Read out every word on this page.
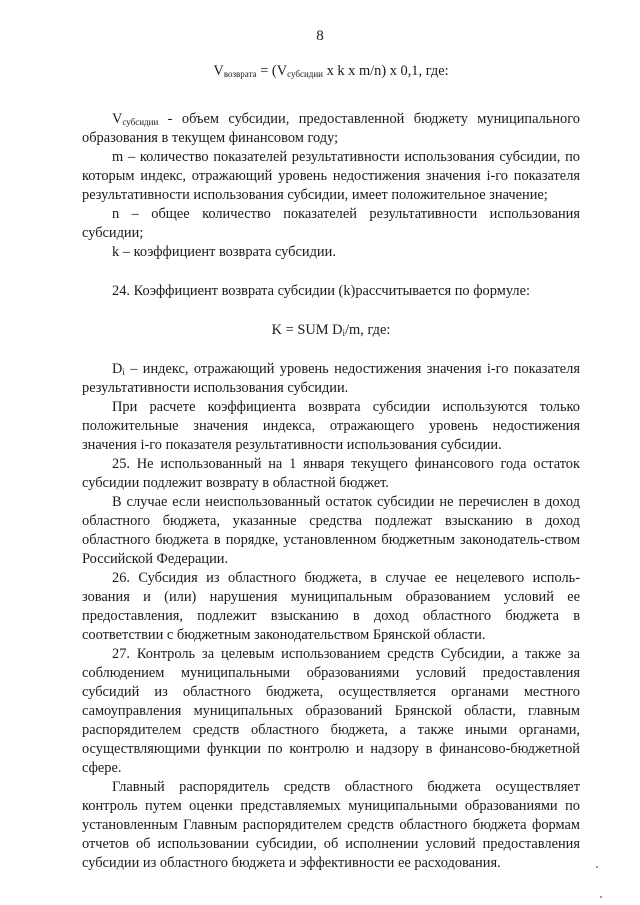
8

$V_{возврата} = (V_{субсидии}$ x k x m/n) x 0,1, где:

$V_{субсидии}$ - объем субсидии, предоставленной бюджету муниципального образования в текущем финансовом году;

m – количество показателей результативности использования субсидии, по которым индекс, отражающий уровень недостижения значения i-го показателя результативности использования субсидии, имеет положительное значение;

n – общее количество показателей результативности использования субсидии;

k – коэффициент возврата субсидии.

24. Коэффициент возврата субсидии (k)рассчитывается по формуле:

K = SUM $D_i/m$, где:

$D_i$ – индекс, отражающий уровень недостижения значения i-го показателя результативности использования субсидии.

При расчете коэффициента возврата субсидии используются только положительные значения индекса, отражающего уровень недостижения значения i-го показателя результативности использования субсидии.

25. Не использованный на 1 января текущего финансового года остаток субсидии подлежит возврату в областной бюджет.

В случае если неиспользованный остаток субсидии не перечислен в доход областного бюджета, указанные средства подлежат взысканию в доход областного бюджета в порядке, установленном бюджетным законодатель-ством Российской Федерации.

26. Субсидия из областного бюджета, в случае ее нецелевого исполь-зования и (или) нарушения муниципальным образованием условий ее предоставления, подлежит взысканию в доход областного бюджета в соответствии с бюджетным законодательством Брянской области.

27. Контроль за целевым использованием средств Субсидии, а также за соблюдением муниципальными образованиями условий предоставления субсидий из областного бюджета, осуществляется органами местного самоуправления муниципальных образований Брянской области, главным распорядителем средств областного бюджета, а также иными органами, осуществляющими функции по контролю и надзору в финансово-бюджетной сфере.

Главный распорядитель средств областного бюджета осуществляет контроль путем оценки представляемых муниципальными образованиями по установленным Главным распорядителем средств областного бюджета формам отчетов об использовании субсидии, об исполнении условий предоставления субсидии из областного бюджета и эффективности ее расходования.
